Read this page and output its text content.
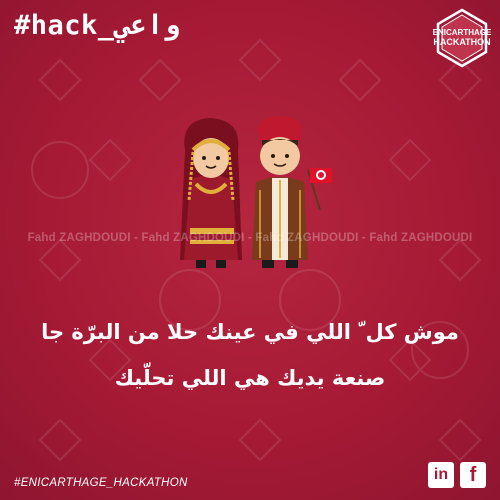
#hack_واعي	ENICARTHAGE
HACKATHON
Fahd ZAGHDOUDI - Fahd ZAGHDOUDI - Fahd ZAGHDOUDI - Fahd ZAGHDOUDI
موش كل ّ اللي في عينك حلا من البرّة جا
صنعة يديك هي اللي تحلّيك
#ENICARTHAGE_HACKATHON	in	f
